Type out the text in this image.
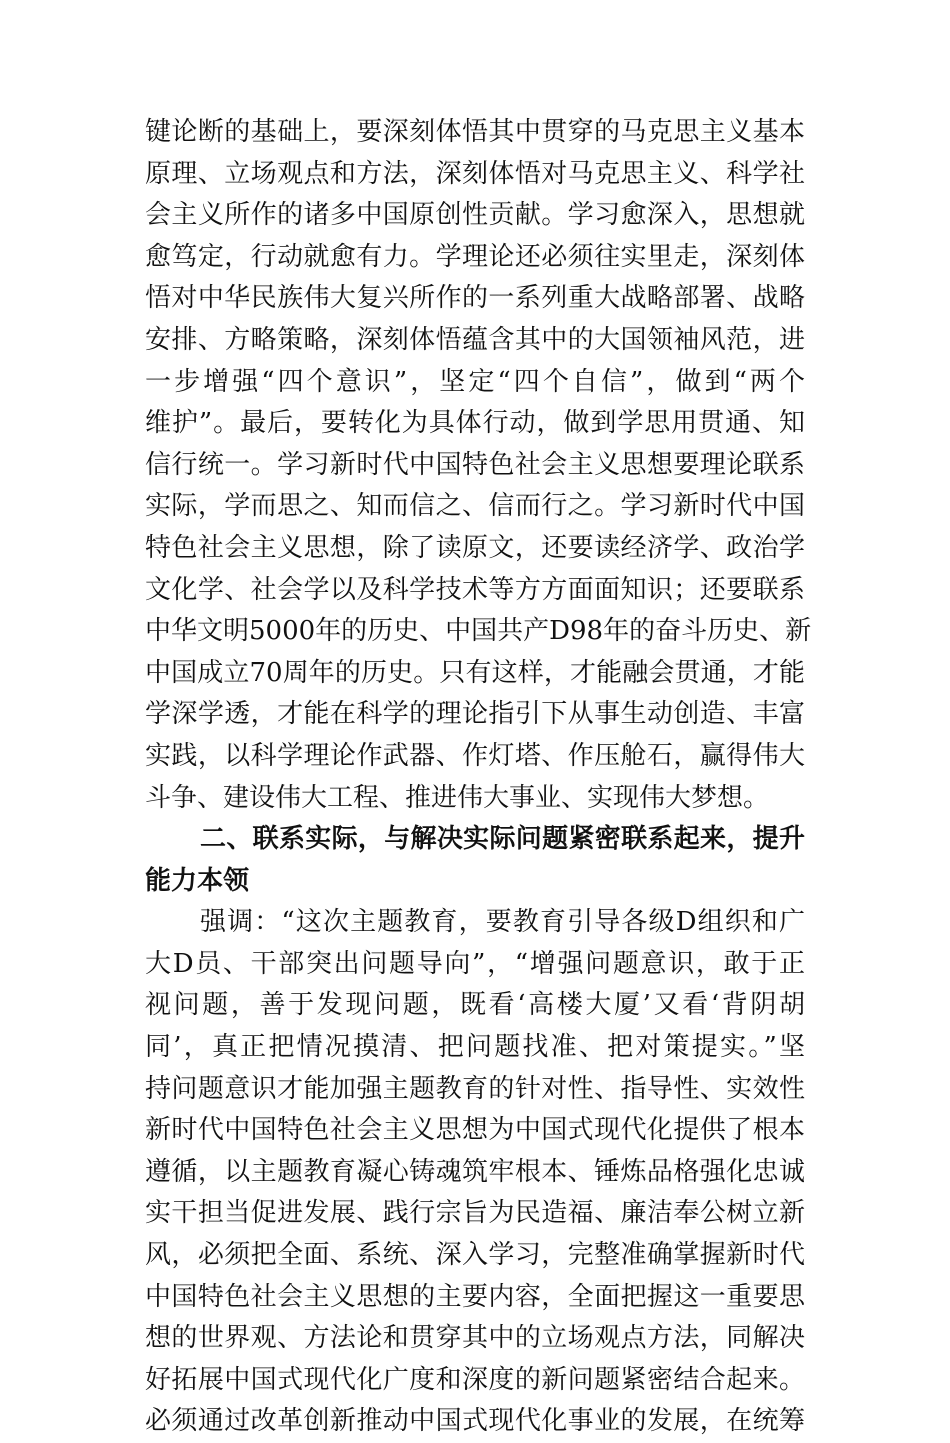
键论断的基础上，要深刻体悟其中贯穿的马克思主义基本
原理、立场观点和方法，深刻体悟对马克思主义、科学社
会主义所作的诸多中国原创性贡献。学习愈深入，思想就
愈笃定，行动就愈有力。学理论还必须往实里走，深刻体
悟对中华民族伟大复兴所作的一系列重大战略部署、战略
安排、方略策略，深刻体悟蕴含其中的大国领袖风范，进
一步增强“四个意识”，坚定“四个自信”，做到“两个
维护”。最后，要转化为具体行动，做到学思用贯通、知
信行统一。学习新时代中国特色社会主义思想要理论联系
实际，学而思之、知而信之、信而行之。学习新时代中国
特色社会主义思想，除了读原文，还要读经济学、政治学
文化学、社会学以及科学技术等方方面面知识；还要联系
中华文明5000年的历史、中国共产D98年的奋斗历史、新
中国成立70周年的历史。只有这样，才能融会贯通，才能
学深学透，才能在科学的理论指引下从事生动创造、丰富
实践，以科学理论作武器、作灯塔、作压舱石，赢得伟大
斗争、建设伟大工程、推进伟大事业、实现伟大梦想。
二、联系实际，与解决实际问题紧密联系起来，提升
能力本领
强调：“这次主题教育，要教育引导各级D组织和广
大D员、干部突出问题导向”，“增强问题意识，敢于正
视问题，善于发现问题，既看‘高楼大厦’又看‘背阴胡
同’，真正把情况摸清、把问题找准、把对策提实。”坚
持问题意识才能加强主题教育的针对性、指导性、实效性
新时代中国特色社会主义思想为中国式现代化提供了根本
遵循，以主题教育凝心铸魂筑牢根本、锤炼品格强化忠诚
实干担当促进发展、践行宗旨为民造福、廉洁奉公树立新
风，必须把全面、系统、深入学习，完整准确掌握新时代
中国特色社会主义思想的主要内容，全面把握这一重要思
想的世界观、方法论和贯穿其中的立场观点方法，同解决
好拓展中国式现代化广度和深度的新问题紧密结合起来。
必须通过改革创新推动中国式现代化事业的发展，在统筹
